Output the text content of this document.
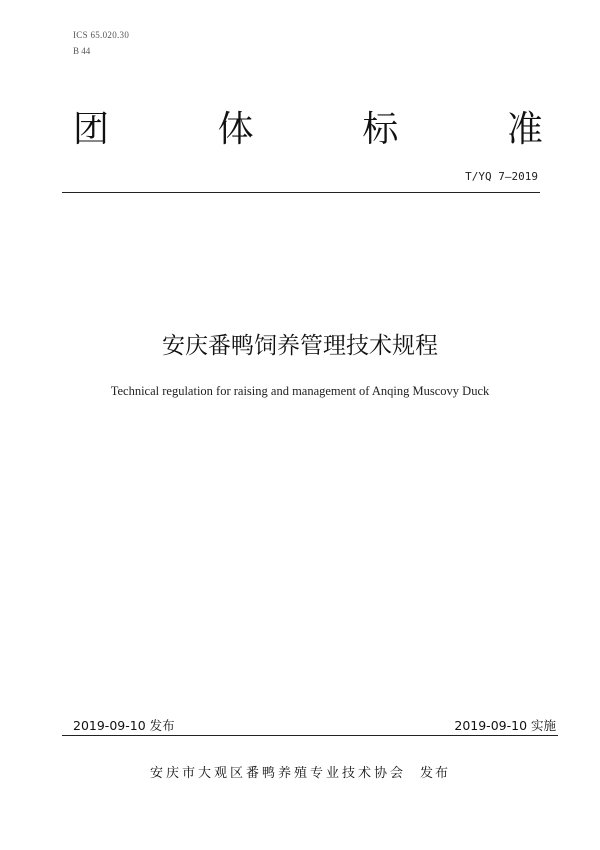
ICS 65.020.30
B 44
团	体	标	准
T/YQ 7—2019
安庆番鸭饲养管理技术规程
Technical regulation for raising and management of Anqing Muscovy Duck
2019-09-10 发布	2019-09-10 实施
安庆市大观区番鸭养殖专业技术协会 发布
